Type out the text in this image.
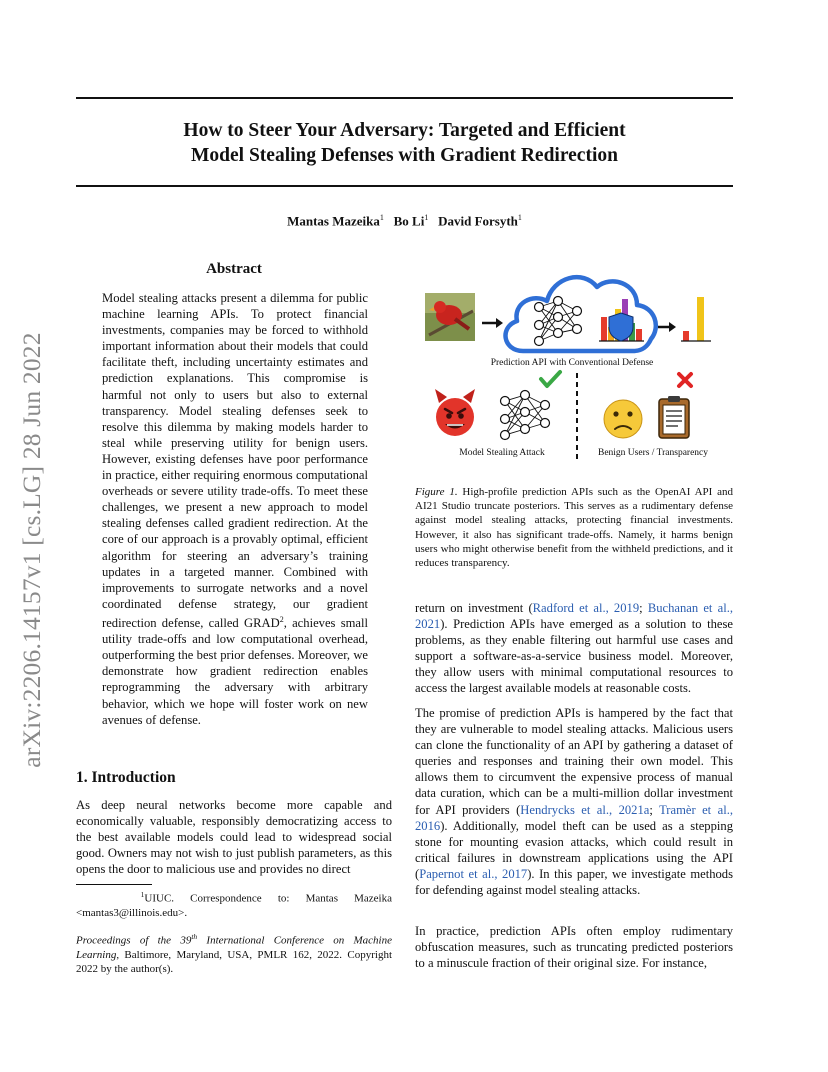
How to Steer Your Adversary: Targeted and Efficient
Model Stealing Defenses with Gradient Redirection
Mantas Mazeika$^1$ Bo Li$^1$ David Forsyth$^1$
arXiv:2206.14157v1 [cs.LG] 28 Jun 2022
Abstract
Model stealing attacks present a dilemma for public machine learning APIs. To protect financial investments, companies may be forced to withhold important information about their models that could facilitate theft, including uncertainty estimates and prediction explanations. This compromise is harmful not only to users but also to external transparency. Model stealing defenses seek to resolve this dilemma by making models harder to steal while preserving utility for benign users. However, existing defenses have poor performance in practice, either requiring enormous computational overheads or severe utility trade-offs. To meet these challenges, we present a new approach to model stealing defenses called gradient redirection. At the core of our approach is a provably optimal, efficient algorithm for steering an adversary’s training updates in a targeted manner. Combined with improvements to surrogate networks and a novel coordinated defense strategy, our gradient redirection defense, called GRAD$^2$, achieves small utility trade-offs and low computational overhead, outperforming the best prior defenses. Moreover, we demonstrate how gradient redirection enables reprogramming the adversary with arbitrary behavior, which we hope will foster work on new avenues of defense.
1. Introduction
As deep neural networks become more capable and economically valuable, responsibly democratizing access to the best available models could lead to widespread social good. Owners may not wish to just publish parameters, as this opens the door to malicious use and provides no direct
$^1$UIUC. Correspondence to: Mantas Mazeika <mantas3@illinois.edu>.
Proceedings of the 39th International Conference on Machine Learning, Baltimore, Maryland, USA, PMLR 162, 2022. Copyright 2022 by the author(s).
Prediction API with Conventional Defense
Model Stealing Attack	Benign Users / Transparency
Figure 1. High-profile prediction APIs such as the OpenAI API and AI21 Studio truncate posteriors. This serves as a rudimentary defense against model stealing attacks, protecting financial investments. However, it also has significant trade-offs. Namely, it harms benign users who might otherwise benefit from the withheld predictions, and it reduces transparency.
return on investment (Radford et al., 2019; Buchanan et al., 2021). Prediction APIs have emerged as a solution to these problems, as they enable filtering out harmful use cases and support a software-as-a-service business model. Moreover, they allow users with minimal computational resources to access the largest available models at reasonable costs.
The promise of prediction APIs is hampered by the fact that they are vulnerable to model stealing attacks. Malicious users can clone the functionality of an API by gathering a dataset of queries and responses and training their own model. This allows them to circumvent the expensive process of manual data curation, which can be a multi-million dollar investment for API providers (Hendrycks et al., 2021a; Tramèr et al., 2016). Additionally, model theft can be used as a stepping stone for mounting evasion attacks, which could result in critical failures in downstream applications using the API (Papernot et al., 2017). In this paper, we investigate methods for defending against model stealing attacks.
In practice, prediction APIs often employ rudimentary obfuscation measures, such as truncating predicted posteriors to a minuscule fraction of their original size. For instance,
